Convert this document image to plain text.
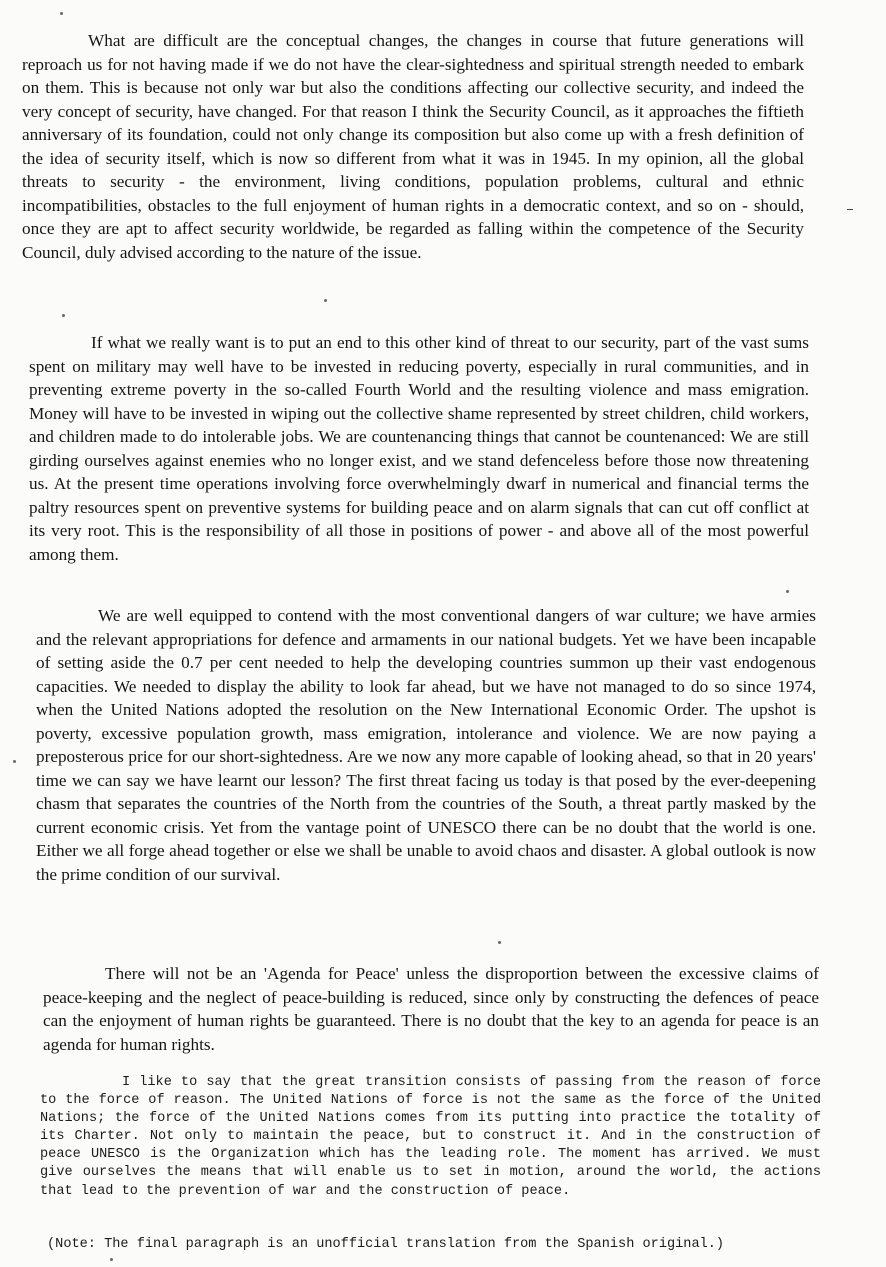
What are difficult are the conceptual changes, the changes in course that future generations will reproach us for not having made if we do not have the clear-sightedness and spiritual strength needed to embark on them. This is because not only war but also the conditions affecting our collective security, and indeed the very concept of security, have changed. For that reason I think the Security Council, as it approaches the fiftieth anniversary of its foundation, could not only change its composition but also come up with a fresh definition of the idea of security itself, which is now so different from what it was in 1945. In my opinion, all the global threats to security - the environment, living conditions, population problems, cultural and ethnic incompatibilities, obstacles to the full enjoyment of human rights in a democratic context, and so on - should, once they are apt to affect security worldwide, be regarded as falling within the competence of the Security Council, duly advised according to the nature of the issue.

If what we really want is to put an end to this other kind of threat to our security, part of the vast sums spent on military may well have to be invested in reducing poverty, especially in rural communities, and in preventing extreme poverty in the so-called Fourth World and the resulting violence and mass emigration. Money will have to be invested in wiping out the collective shame represented by street children, child workers, and children made to do intolerable jobs. We are countenancing things that cannot be countenanced: We are still girding ourselves against enemies who no longer exist, and we stand defenceless before those now threatening us. At the present time operations involving force overwhelmingly dwarf in numerical and financial terms the paltry resources spent on preventive systems for building peace and on alarm signals that can cut off conflict at its very root. This is the responsibility of all those in positions of power - and above all of the most powerful among them.

We are well equipped to contend with the most conventional dangers of war culture; we have armies and the relevant appropriations for defence and armaments in our national budgets. Yet we have been incapable of setting aside the 0.7 per cent needed to help the developing countries summon up their vast endogenous capacities. We needed to display the ability to look far ahead, but we have not managed to do so since 1974, when the United Nations adopted the resolution on the New International Economic Order. The upshot is poverty, excessive population growth, mass emigration, intolerance and violence. We are now paying a preposterous price for our short-sightedness. Are we now any more capable of looking ahead, so that in 20 years' time we can say we have learnt our lesson? The first threat facing us today is that posed by the ever-deepening chasm that separates the countries of the North from the countries of the South, a threat partly masked by the current economic crisis. Yet from the vantage point of UNESCO there can be no doubt that the world is one. Either we all forge ahead together or else we shall be unable to avoid chaos and disaster. A global outlook is now the prime condition of our survival.

There will not be an 'Agenda for Peace' unless the disproportion between the excessive claims of peace-keeping and the neglect of peace-building is reduced, since only by constructing the defences of peace can the enjoyment of human rights be guaranteed. There is no doubt that the key to an agenda for peace is an agenda for human rights.

I like to say that the great transition consists of passing from the reason of force to the force of reason. The United Nations of force is not the same as the force of the United Nations; the force of the United Nations comes from its putting into practice the totality of its Charter. Not only to maintain the peace, but to construct it. And in the construction of peace UNESCO is the Organization which has the leading role. The moment has arrived. We must give ourselves the means that will enable us to set in motion, around the world, the actions that lead to the prevention of war and the construction of peace.

(Note: The final paragraph is an unofficial translation from the Spanish original.)
